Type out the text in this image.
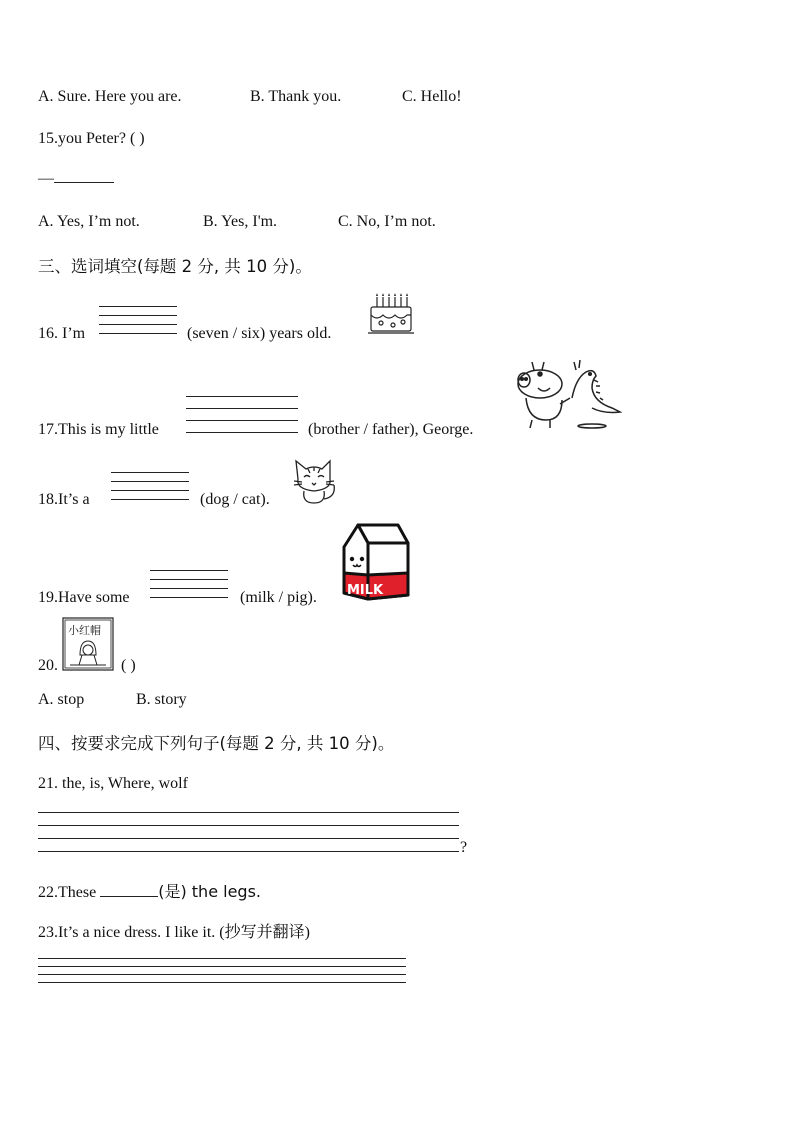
A. Sure. Here you are.	B. Thank you.	C. Hello!
15.you Peter? ( )
—
A. Yes, I’m not.	B. Yes, I'm.	C. No, I’m not.
三、选词填空(每题 2 分, 共 10 分)。
16. I’m	(seven / six) years old.
17.This is my little	(brother / father), George.
18.It’s a	(dog / cat).
19.Have some	(milk / pig). MILK
20.
小红帽
( )
A. stop	B. story
四、按要求完成下列句子(每题 2 分, 共 10 分)。
21. the, is, Where, wolf
?
22.These	(是) the legs.
23.It’s a nice dress. I like it. (抄写并翻译)
